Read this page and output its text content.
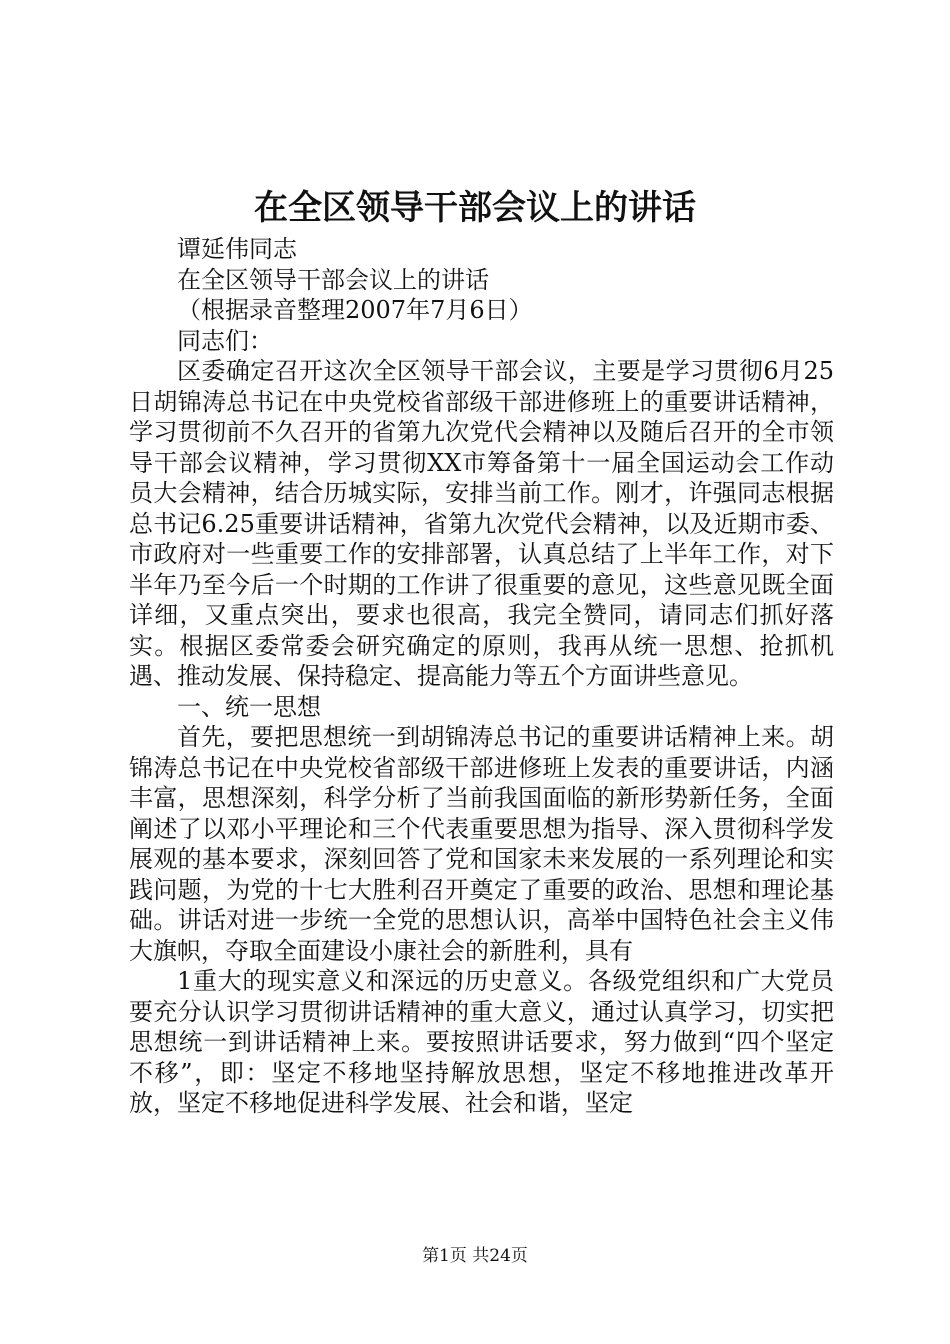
在全区领导干部会议上的讲话

谭延伟同志

在全区领导干部会议上的讲话

（根据录音整理2007年7月6日）

同志们：

区委确定召开这次全区领导干部会议，主要是学习贯彻6月25日胡锦涛总书记在中央党校省部级干部进修班上的重要讲话精神，学习贯彻前不久召开的省第九次党代会精神以及随后召开的全市领导干部会议精神，学习贯彻XX市筹备第十一届全国运动会工作动员大会精神，结合历城实际，安排当前工作。刚才，许强同志根据总书记6.25重要讲话精神，省第九次党代会精神，以及近期市委、市政府对一些重要工作的安排部署，认真总结了上半年工作，对下半年乃至今后一个时期的工作讲了很重要的意见，这些意见既全面详细，又重点突出，要求也很高，我完全赞同，请同志们抓好落实。根据区委常委会研究确定的原则，我再从统一思想、抢抓机遇、推动发展、保持稳定、提高能力等五个方面讲些意见。

一、统一思想

首先，要把思想统一到胡锦涛总书记的重要讲话精神上来。胡锦涛总书记在中央党校省部级干部进修班上发表的重要讲话，内涵丰富，思想深刻，科学分析了当前我国面临的新形势新任务，全面阐述了以邓小平理论和三个代表重要思想为指导、深入贯彻科学发展观的基本要求，深刻回答了党和国家未来发展的一系列理论和实践问题，为党的十七大胜利召开奠定了重要的政治、思想和理论基础。讲话对进一步统一全党的思想认识，高举中国特色社会主义伟大旗帜，夺取全面建设小康社会的新胜利，具有

1重大的现实意义和深远的历史意义。各级党组织和广大党员要充分认识学习贯彻讲话精神的重大意义，通过认真学习，切实把思想统一到讲话精神上来。要按照讲话要求，努力做到“四个坚定不移”，即：坚定不移地坚持解放思想，坚定不移地推进改革开放，坚定不移地促进科学发展、社会和谐，坚定

第1页 共24页
